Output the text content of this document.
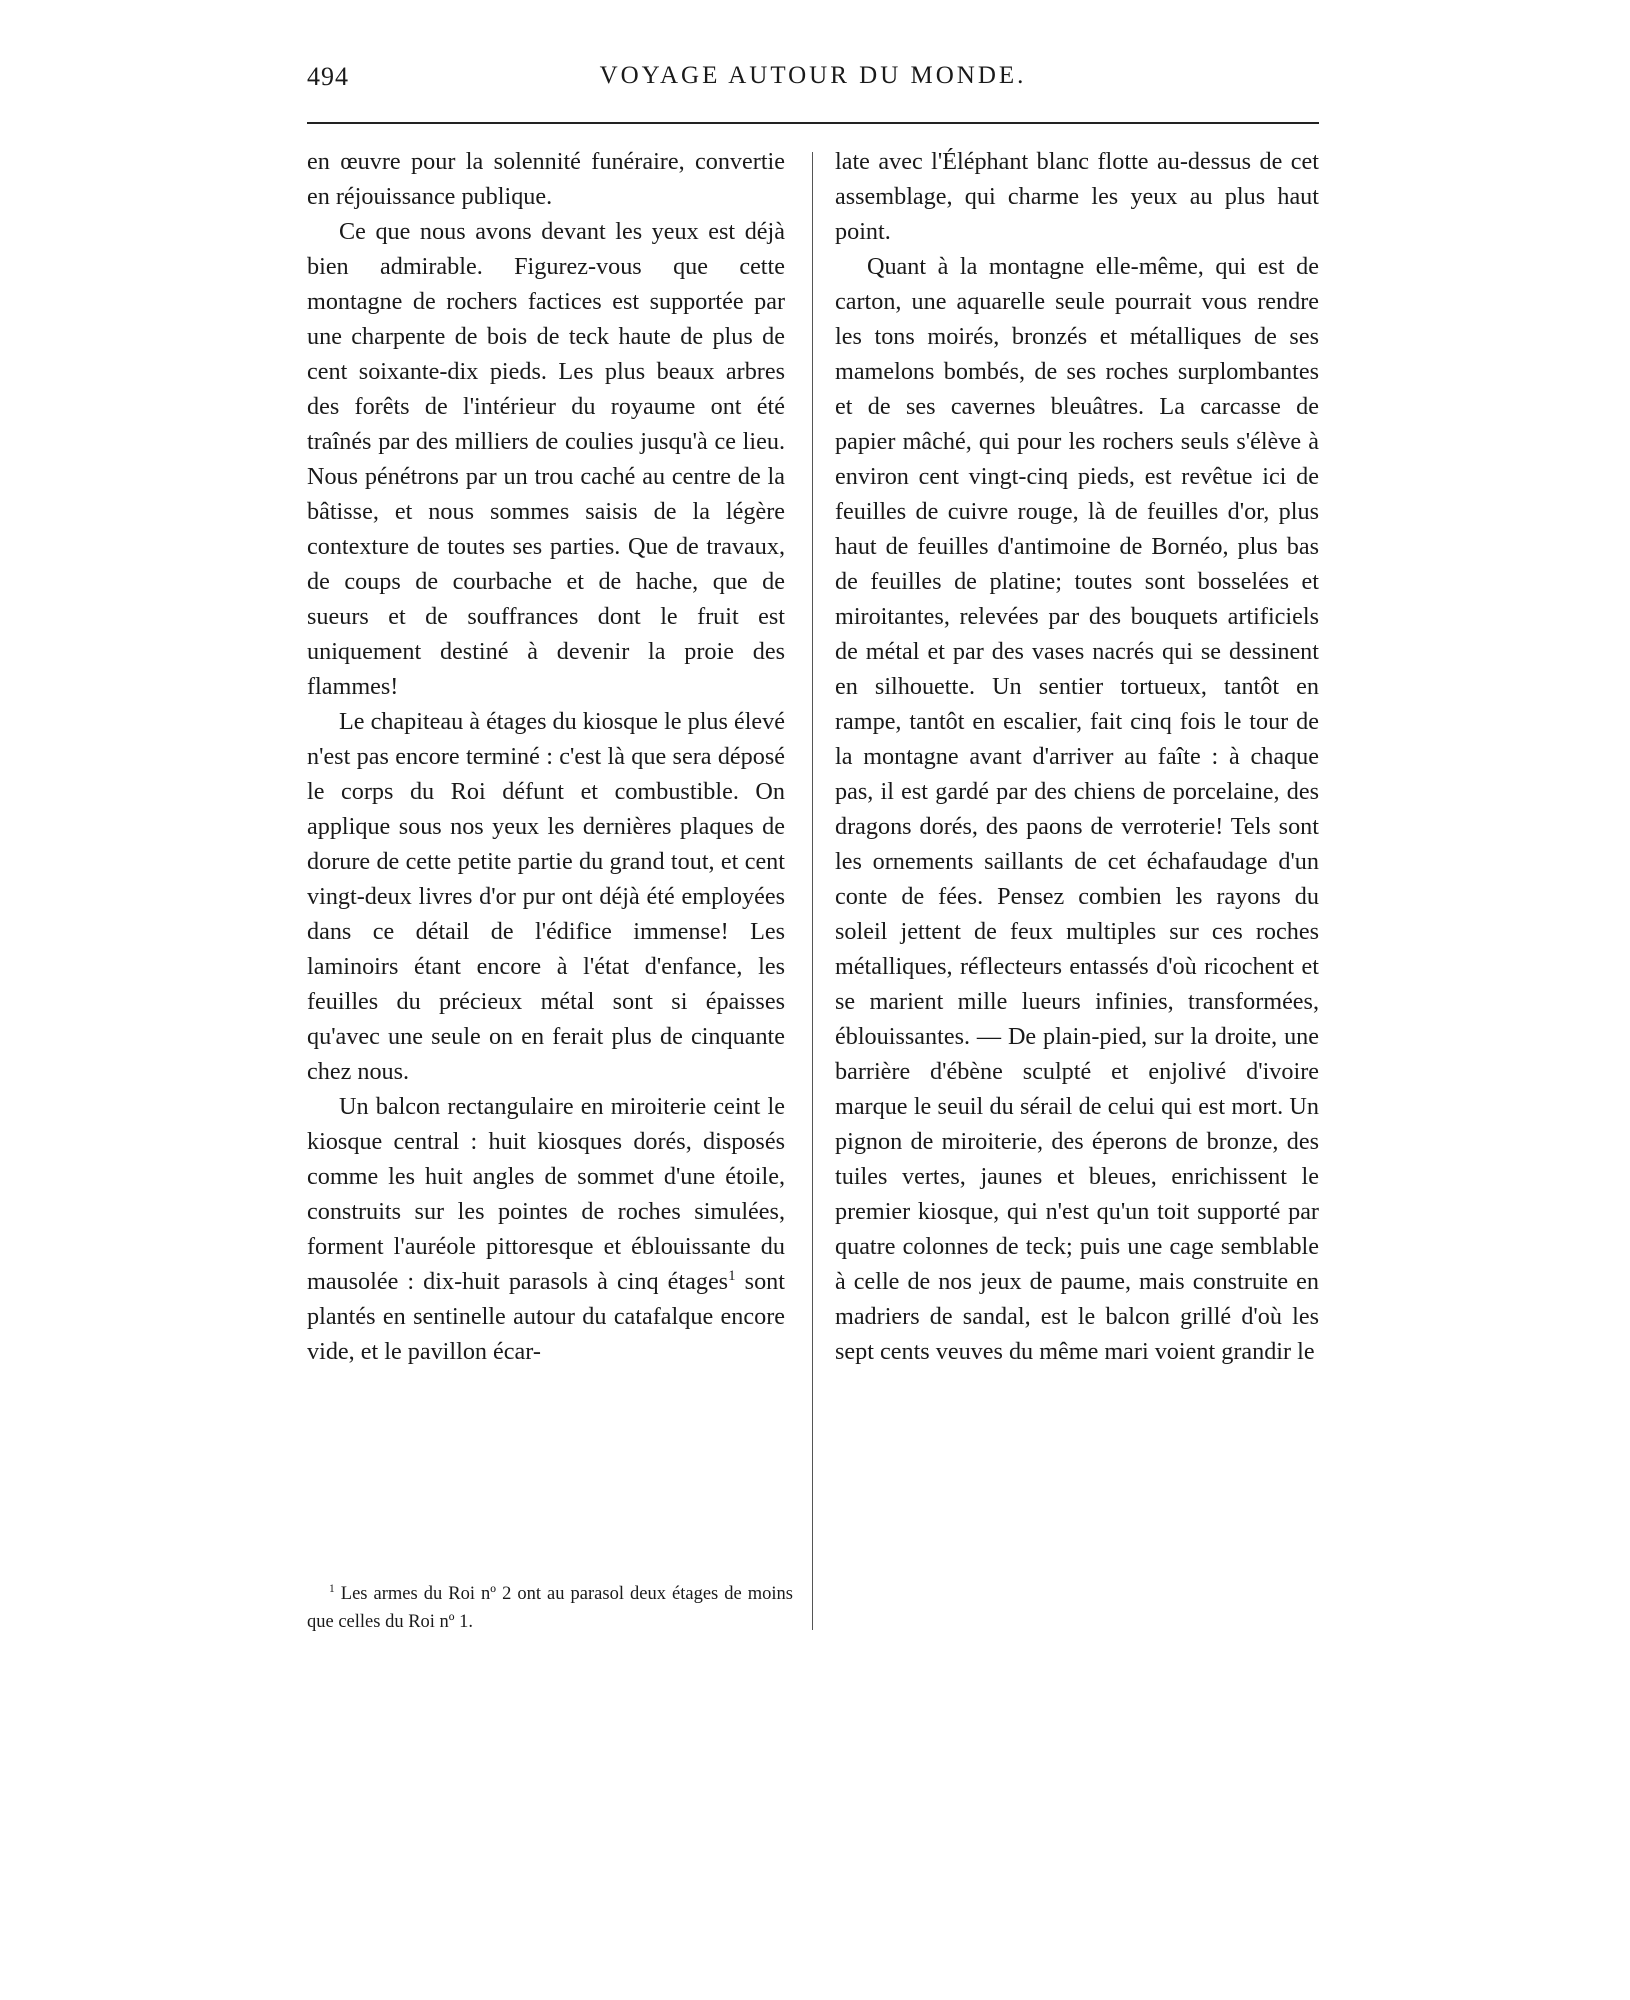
494	VOYAGE AUTOUR DU MONDE.

en œuvre pour la solennité funéraire, convertie en réjouissance publique.

Ce que nous avons devant les yeux est déjà bien admirable. Figurez-vous que cette montagne de rochers factices est supportée par une charpente de bois de teck haute de plus de cent soixante-dix pieds. Les plus beaux arbres des forêts de l'intérieur du royaume ont été traînés par des milliers de coulies jusqu'à ce lieu. Nous pénétrons par un trou caché au centre de la bâtisse, et nous sommes saisis de la légère contexture de toutes ses parties. Que de travaux, de coups de courbache et de hache, que de sueurs et de souffrances dont le fruit est uniquement destiné à devenir la proie des flammes!

Le chapiteau à étages du kiosque le plus élevé n'est pas encore terminé : c'est là que sera déposé le corps du Roi défunt et combustible. On applique sous nos yeux les dernières plaques de dorure de cette petite partie du grand tout, et cent vingt-deux livres d'or pur ont déjà été employées dans ce détail de l'édifice immense! Les laminoirs étant encore à l'état d'enfance, les feuilles du précieux métal sont si épaisses qu'avec une seule on en ferait plus de cinquante chez nous.

Un balcon rectangulaire en miroiterie ceint le kiosque central : huit kiosques dorés, disposés comme les huit angles de sommet d'une étoile, construits sur les pointes de roches simulées, forment l'auréole pittoresque et éblouissante du mausolée : dix-huit parasols à cinq étages$^1$ sont plantés en sentinelle autour du catafalque encore vide, et le pavillon écar-

$^1$ Les armes du Roi nº 2 ont au parasol deux étages de moins que celles du Roi nº 1.

late avec l'Éléphant blanc flotte au-dessus de cet assemblage, qui charme les yeux au plus haut point.

Quant à la montagne elle-même, qui est de carton, une aquarelle seule pourrait vous rendre les tons moirés, bronzés et métalliques de ses mamelons bombés, de ses roches surplombantes et de ses cavernes bleuâtres. La carcasse de papier mâché, qui pour les rochers seuls s'élève à environ cent vingt-cinq pieds, est revêtue ici de feuilles de cuivre rouge, là de feuilles d'or, plus haut de feuilles d'antimoine de Bornéo, plus bas de feuilles de platine; toutes sont bosselées et miroitantes, relevées par des bouquets artificiels de métal et par des vases nacrés qui se dessinent en silhouette. Un sentier tortueux, tantôt en rampe, tantôt en escalier, fait cinq fois le tour de la montagne avant d'arriver au faîte : à chaque pas, il est gardé par des chiens de porcelaine, des dragons dorés, des paons de verroterie! Tels sont les ornements saillants de cet échafaudage d'un conte de fées. Pensez combien les rayons du soleil jettent de feux multiples sur ces roches métalliques, réflecteurs entassés d'où ricochent et se marient mille lueurs infinies, transformées, éblouissantes. — De plain-pied, sur la droite, une barrière d'ébène sculpté et enjolivé d'ivoire marque le seuil du sérail de celui qui est mort. Un pignon de miroiterie, des éperons de bronze, des tuiles vertes, jaunes et bleues, enrichissent le premier kiosque, qui n'est qu'un toit supporté par quatre colonnes de teck; puis une cage semblable à celle de nos jeux de paume, mais construite en madriers de sandal, est le balcon grillé d'où les sept cents veuves du même mari voient grandir le
